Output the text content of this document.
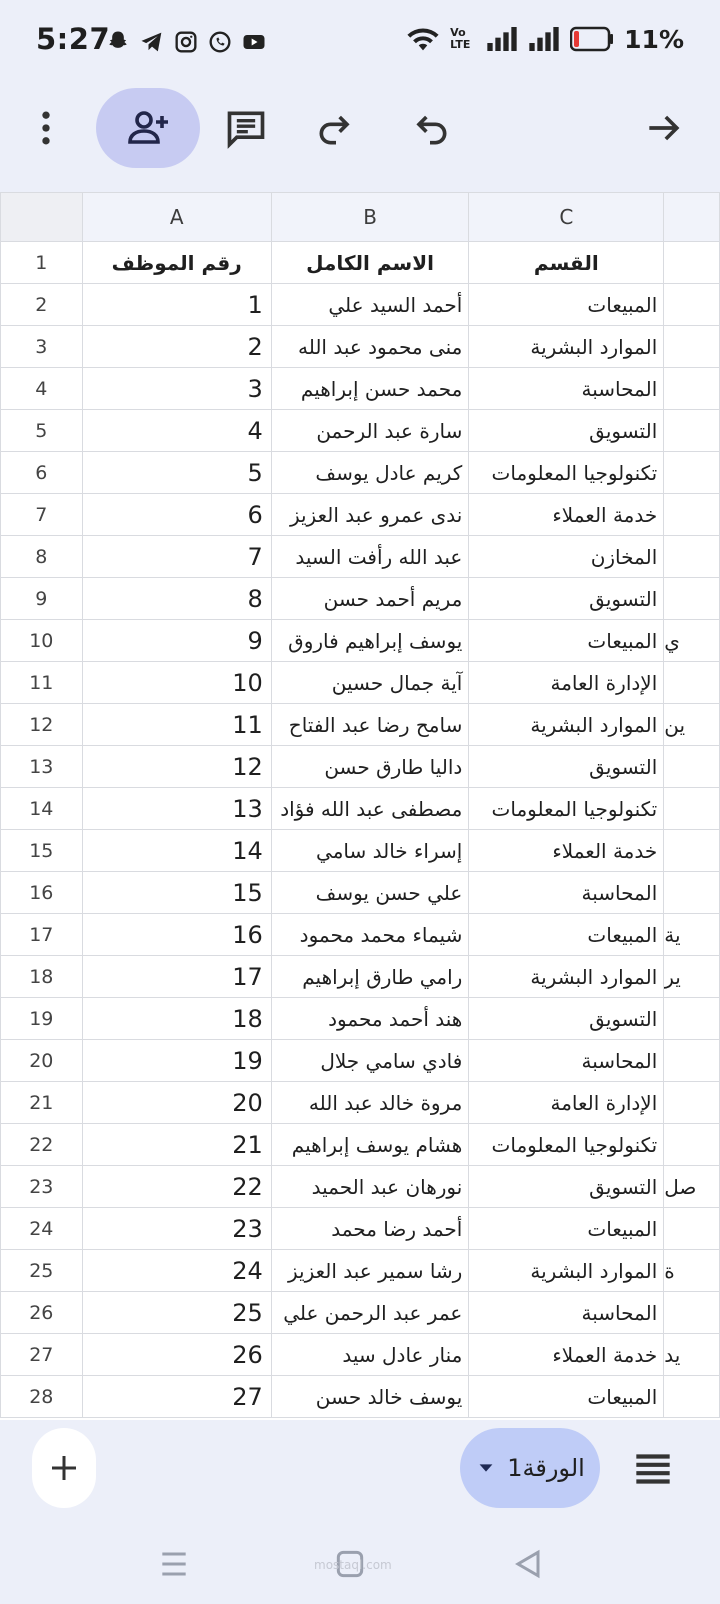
5:27	Vo LTE	11%
	A	B	C	
1	رقم الموظف	الاسم الكامل	القسم	
2	1	أحمد السيد علي	المبيعات	
3	2	منى محمود عبد الله	الموارد البشرية	
4	3	محمد حسن إبراهيم	المحاسبة	
5	4	سارة عبد الرحمن	التسويق	
6	5	كريم عادل يوسف	تكنولوجيا المعلومات	
7	6	ندى عمرو عبد العزيز	خدمة العملاء	
8	7	عبد الله رأفت السيد	المخازن	
9	8	مريم أحمد حسن	التسويق	
10	9	يوسف إبراهيم فاروق	المبيعات	ي
11	10	آية جمال حسين	الإدارة العامة	
12	11	سامح رضا عبد الفتاح	الموارد البشرية	ين
13	12	داليا طارق حسن	التسويق	
14	13	مصطفى عبد الله فؤاد	تكنولوجيا المعلومات	
15	14	إسراء خالد سامي	خدمة العملاء	
16	15	علي حسن يوسف	المحاسبة	
17	16	شيماء محمد محمود	المبيعات	ية
18	17	رامي طارق إبراهيم	الموارد البشرية	ير
19	18	هند أحمد محمود	التسويق	
20	19	فادي سامي جلال	المحاسبة	
21	20	مروة خالد عبد الله	الإدارة العامة	
22	21	هشام يوسف إبراهيم	تكنولوجيا المعلومات	
23	22	نورهان عبد الحميد	التسويق	صل
24	23	أحمد رضا محمد	المبيعات	
25	24	رشا سمير عبد العزيز	الموارد البشرية	ة
26	25	عمر عبد الرحمن علي	المحاسبة	
27	26	منار عادل سيد	خدمة العملاء	يد
28	27	يوسف خالد حسن	المبيعات	
الورقة1
mostaql.com
